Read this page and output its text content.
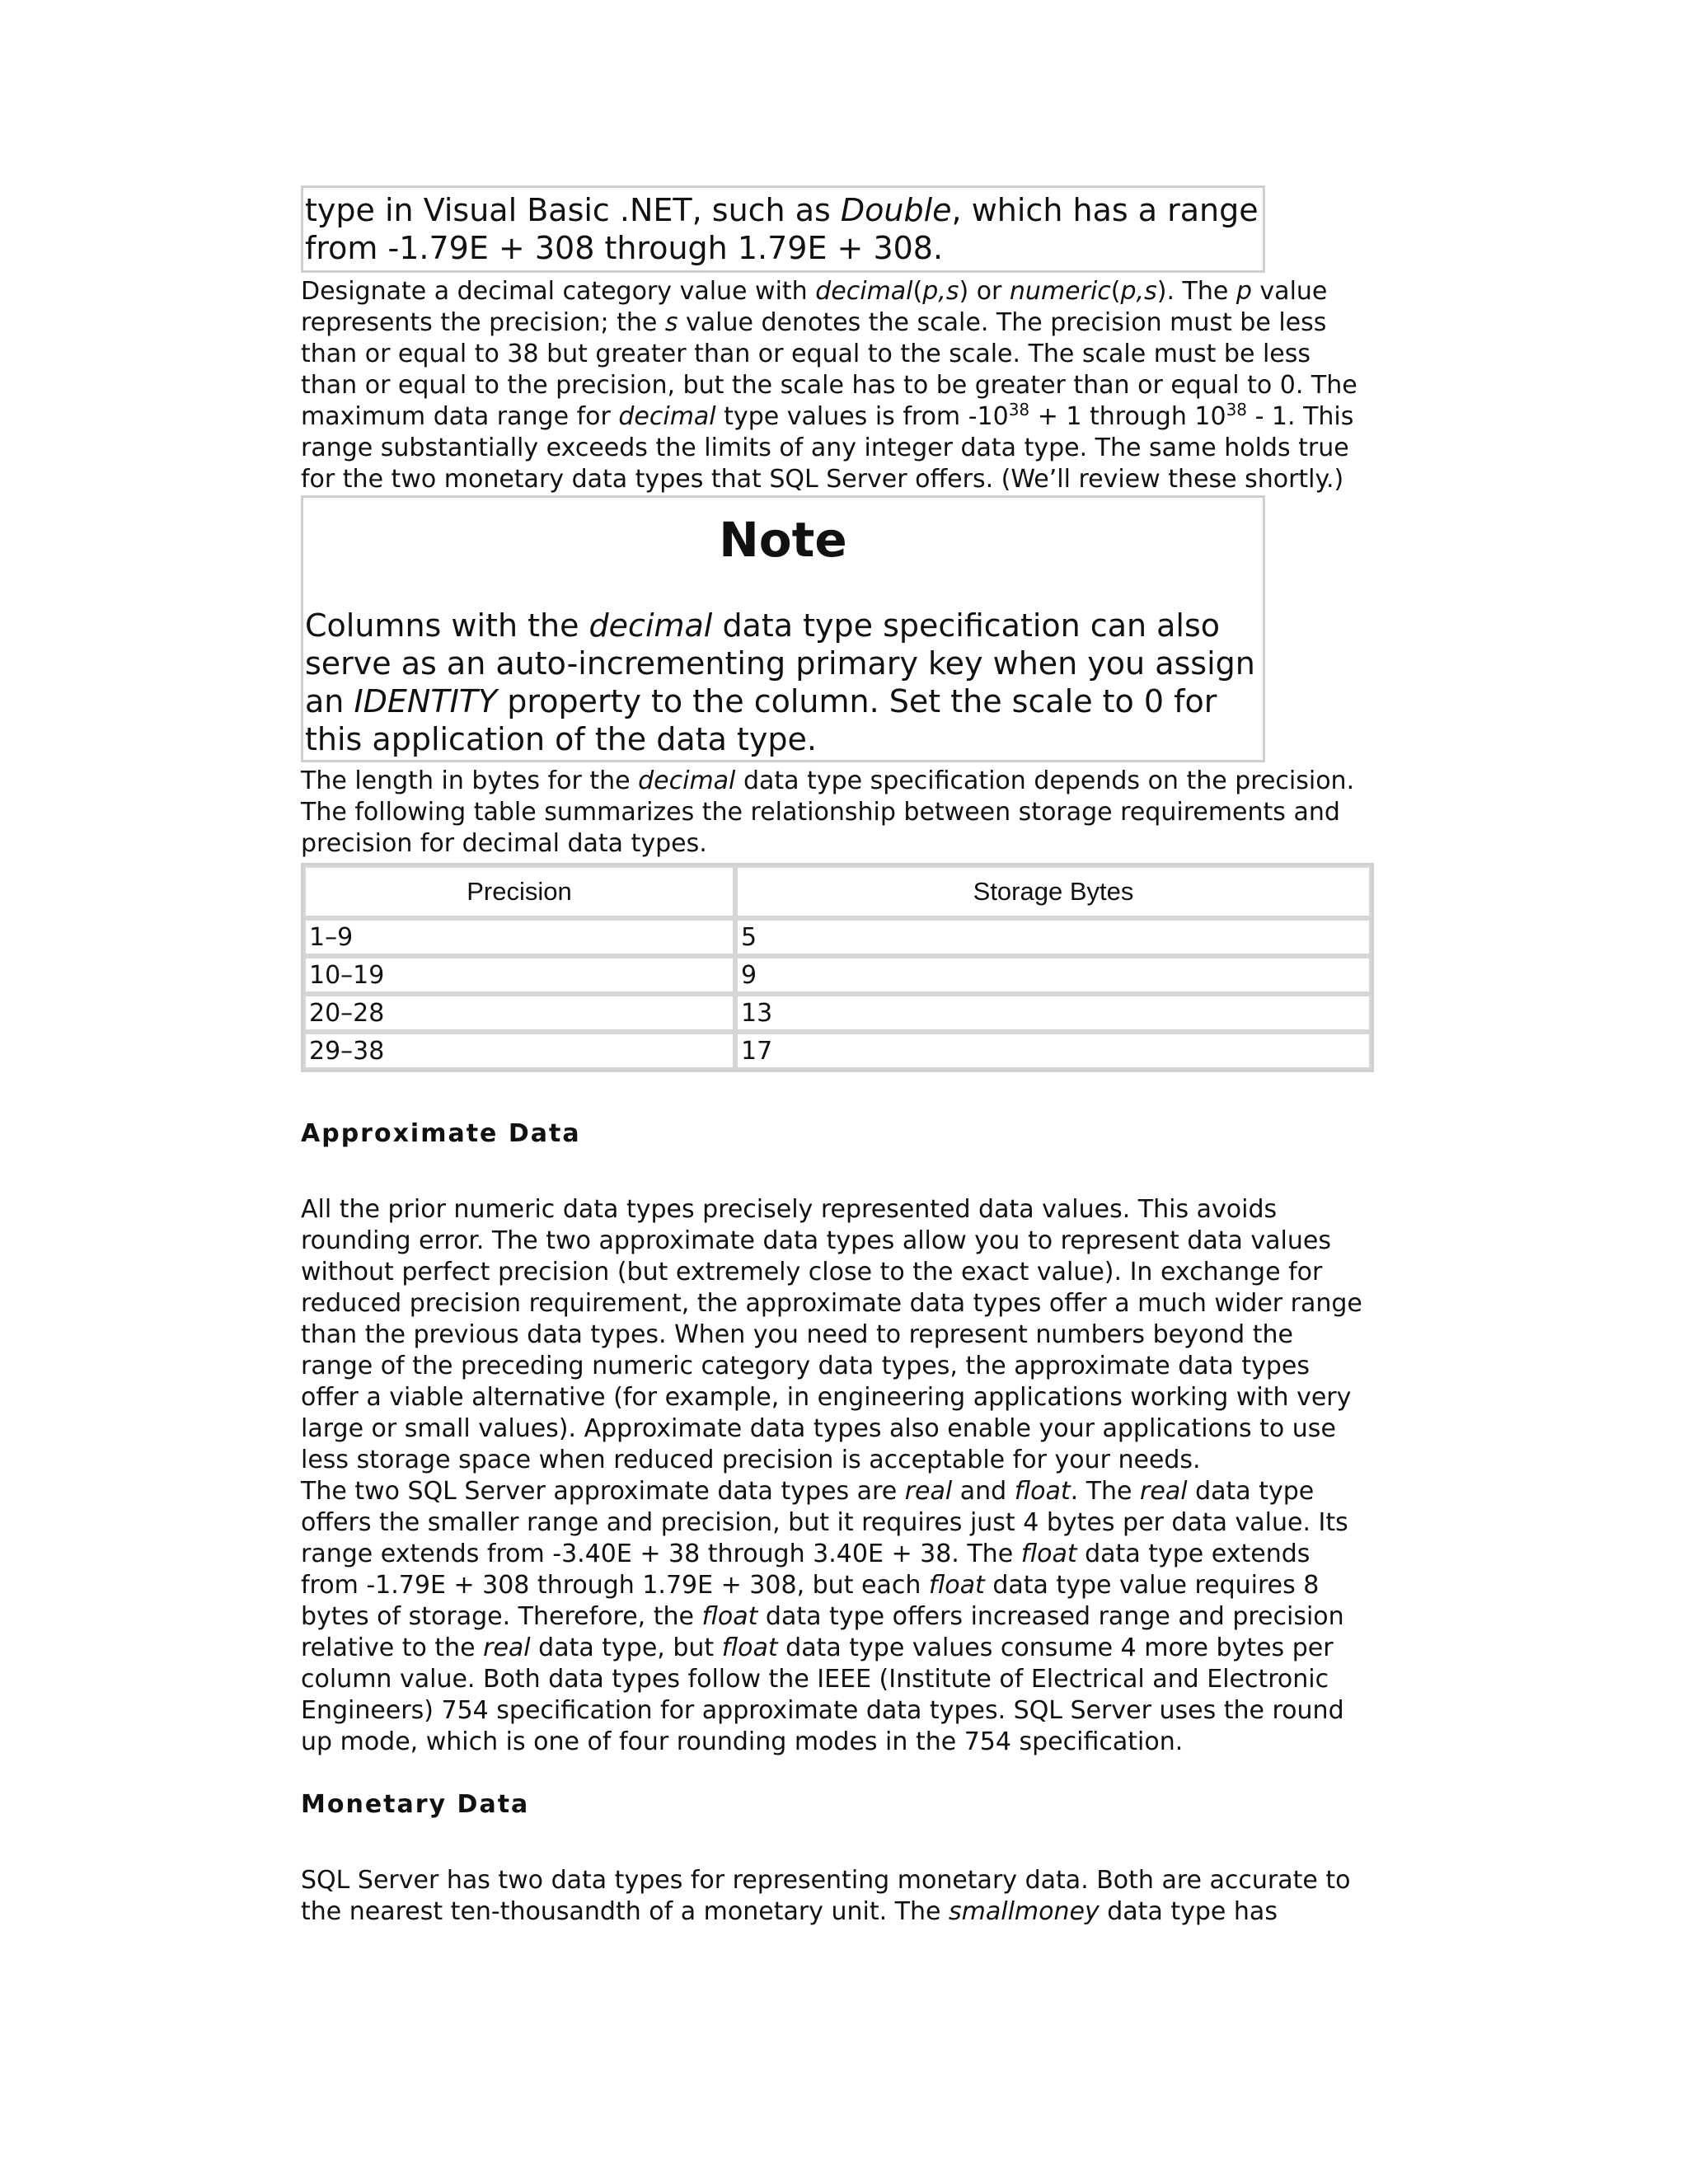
type in Visual Basic .NET, such as Double, which has a range
from -1.79E + 308 through 1.79E + 308.

Designate a decimal category value with decimal(p,s) or numeric(p,s). The p value represents the precision; the s value denotes the scale. The precision must be less than or equal to 38 but greater than or equal to the scale. The scale must be less than or equal to the precision, but the scale has to be greater than or equal to 0. The maximum data range for decimal type values is from $-10^{38} + 1$ through $10^{38} - 1$. This range substantially exceeds the limits of any integer data type. The same holds true for the two monetary data types that SQL Server offers. (We’ll review these shortly.)

Note
Columns with the decimal data type specification can also serve as an auto-incrementing primary key when you assign an IDENTITY property to the column. Set the scale to 0 for this application of the data type.

The length in bytes for the decimal data type specification depends on the precision. The following table summarizes the relationship between storage requirements and precision for decimal data types.

Precision	Storage Bytes
1–9	5
10–19	9
20–28	13
29–38	17
Approximate Data

All the prior numeric data types precisely represented data values. This avoids rounding error. The two approximate data types allow you to represent data values without perfect precision (but extremely close to the exact value). In exchange for reduced precision requirement, the approximate data types offer a much wider range than the previous data types. When you need to represent numbers beyond the range of the preceding numeric category data types, the approximate data types offer a viable alternative (for example, in engineering applications working with very large or small values). Approximate data types also enable your applications to use less storage space when reduced precision is acceptable for your needs.

The two SQL Server approximate data types are real and float. The real data type offers the smaller range and precision, but it requires just 4 bytes per data value. Its range extends from -3.40E + 38 through 3.40E + 38. The float data type extends from -1.79E + 308 through 1.79E + 308, but each float data type value requires 8 bytes of storage. Therefore, the float data type offers increased range and precision relative to the real data type, but float data type values consume 4 more bytes per column value. Both data types follow the IEEE (Institute of Electrical and Electronic Engineers) 754 specification for approximate data types. SQL Server uses the round up mode, which is one of four rounding modes in the 754 specification.

Monetary Data

SQL Server has two data types for representing monetary data. Both are accurate to the nearest ten-thousandth of a monetary unit. The smallmoney data type has
